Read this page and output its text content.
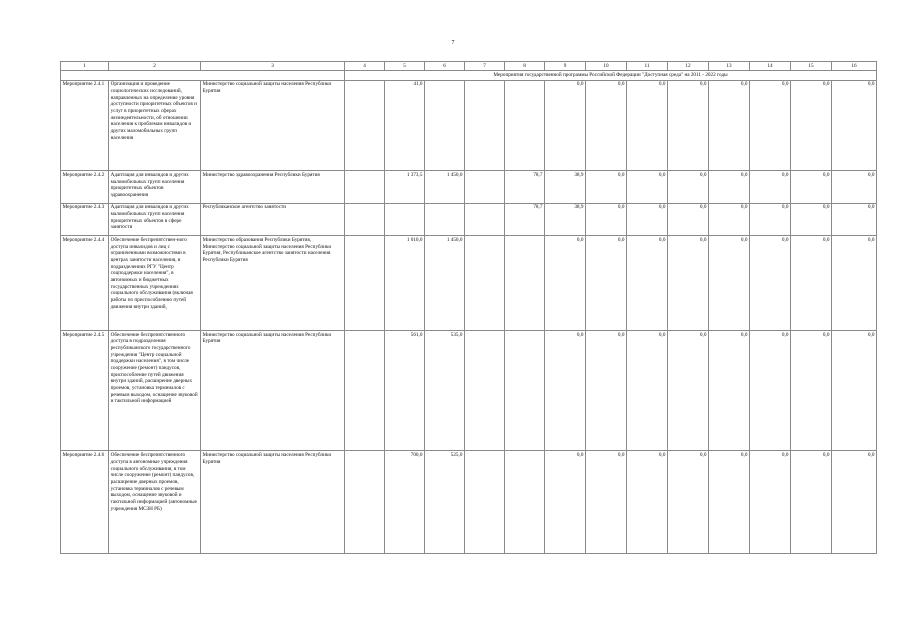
7
1	2	3	4	5	6	7	8	9	10	11	12	13	14	15	16
			Мероприятия государственной программы Российской Федерации "Доступная среда" на 2011 - 2022 годы												
Мероприятие 2.4.1	Организация и проведение социологических исследований, направленных на определение уровня доступности приоритетных объектов и услуг в приоритетных сферах жизнедеятельности, об отношении населения к проблемам инвалидов и других маломобильных групп населения	Министерство социальной защиты населения Республики Бурятия		41,0				0,0	0,0	0,0	0,0	0,0	0,0	0,0	0,0
Мероприятие 2.4.2	Адаптация для инвалидов и других маломобильных групп населения приоритетных объектов здравоохранения	Министерство здравоохранения Республики Бурятия		1 373,5	1 450,0		78,7	38,9	0,0	0,0	0,0	0,0	0,0	0,0	0,0
Мероприятие 2.4.3	Адаптация для инвалидов и других маломобильных групп населения приоритетных объектов в сфере занятости	Республиканское агентство занятости					78,7	38,9	0,0	0,0	0,0	0,0	0,0	0,0	0,0
Мероприятие 2.4.4	Обеспечение беспрепятствен-ного доступа инвалидов и лиц с ограниченными возможностями в центрах занятости населения, в подразделениях РГУ "Центр соцподдержки населения", в автономных и бюджетных государственных учреждениях социального обслуживания (включая работы по приспособлению путей движения внутри зданий,	Министерство образования Республики Бурятия, Министерство социальной защиты населения Республики Бурятия, Республиканское агентство занятости населения Республики Бурятия		1 010,0	1 450,0			0,0	0,0	0,0	0,0	0,0	0,0	0,0	0,0
Мероприятие 2.4.5	Обеспечение беспрепятственного доступа в подразделения республиканского государственного учреждения "Центр социальной поддержки населения", в том числе сооружение (ремонт) пандусов, приспособление путей движения внутри зданий, расширение дверных проемов, установка терминалов с речевым выходом, оснащение звуковой и тактильной информацией	Министерство социальной защиты населения Республики Бурятия		561,0	535,0			0,0	0,0	0,0	0,0	0,0	0,0	0,0	0,0
Мероприятие 2.4.6	Обеспечение беспрепятственного доступа в автономные учреждения социального обслуживания, в том числе сооружение (ремонт) пандусов, расширение дверных проемов, установка терминалов с речевым выходом, оснащение звуковой и тактильной информацией (автономные учреждения МСЗН РБ)	Министерство социальной защиты населения Республики Бурятия		700,0	525,0			0,0	0,0	0,0	0,0	0,0	0,0	0,0	0,0
